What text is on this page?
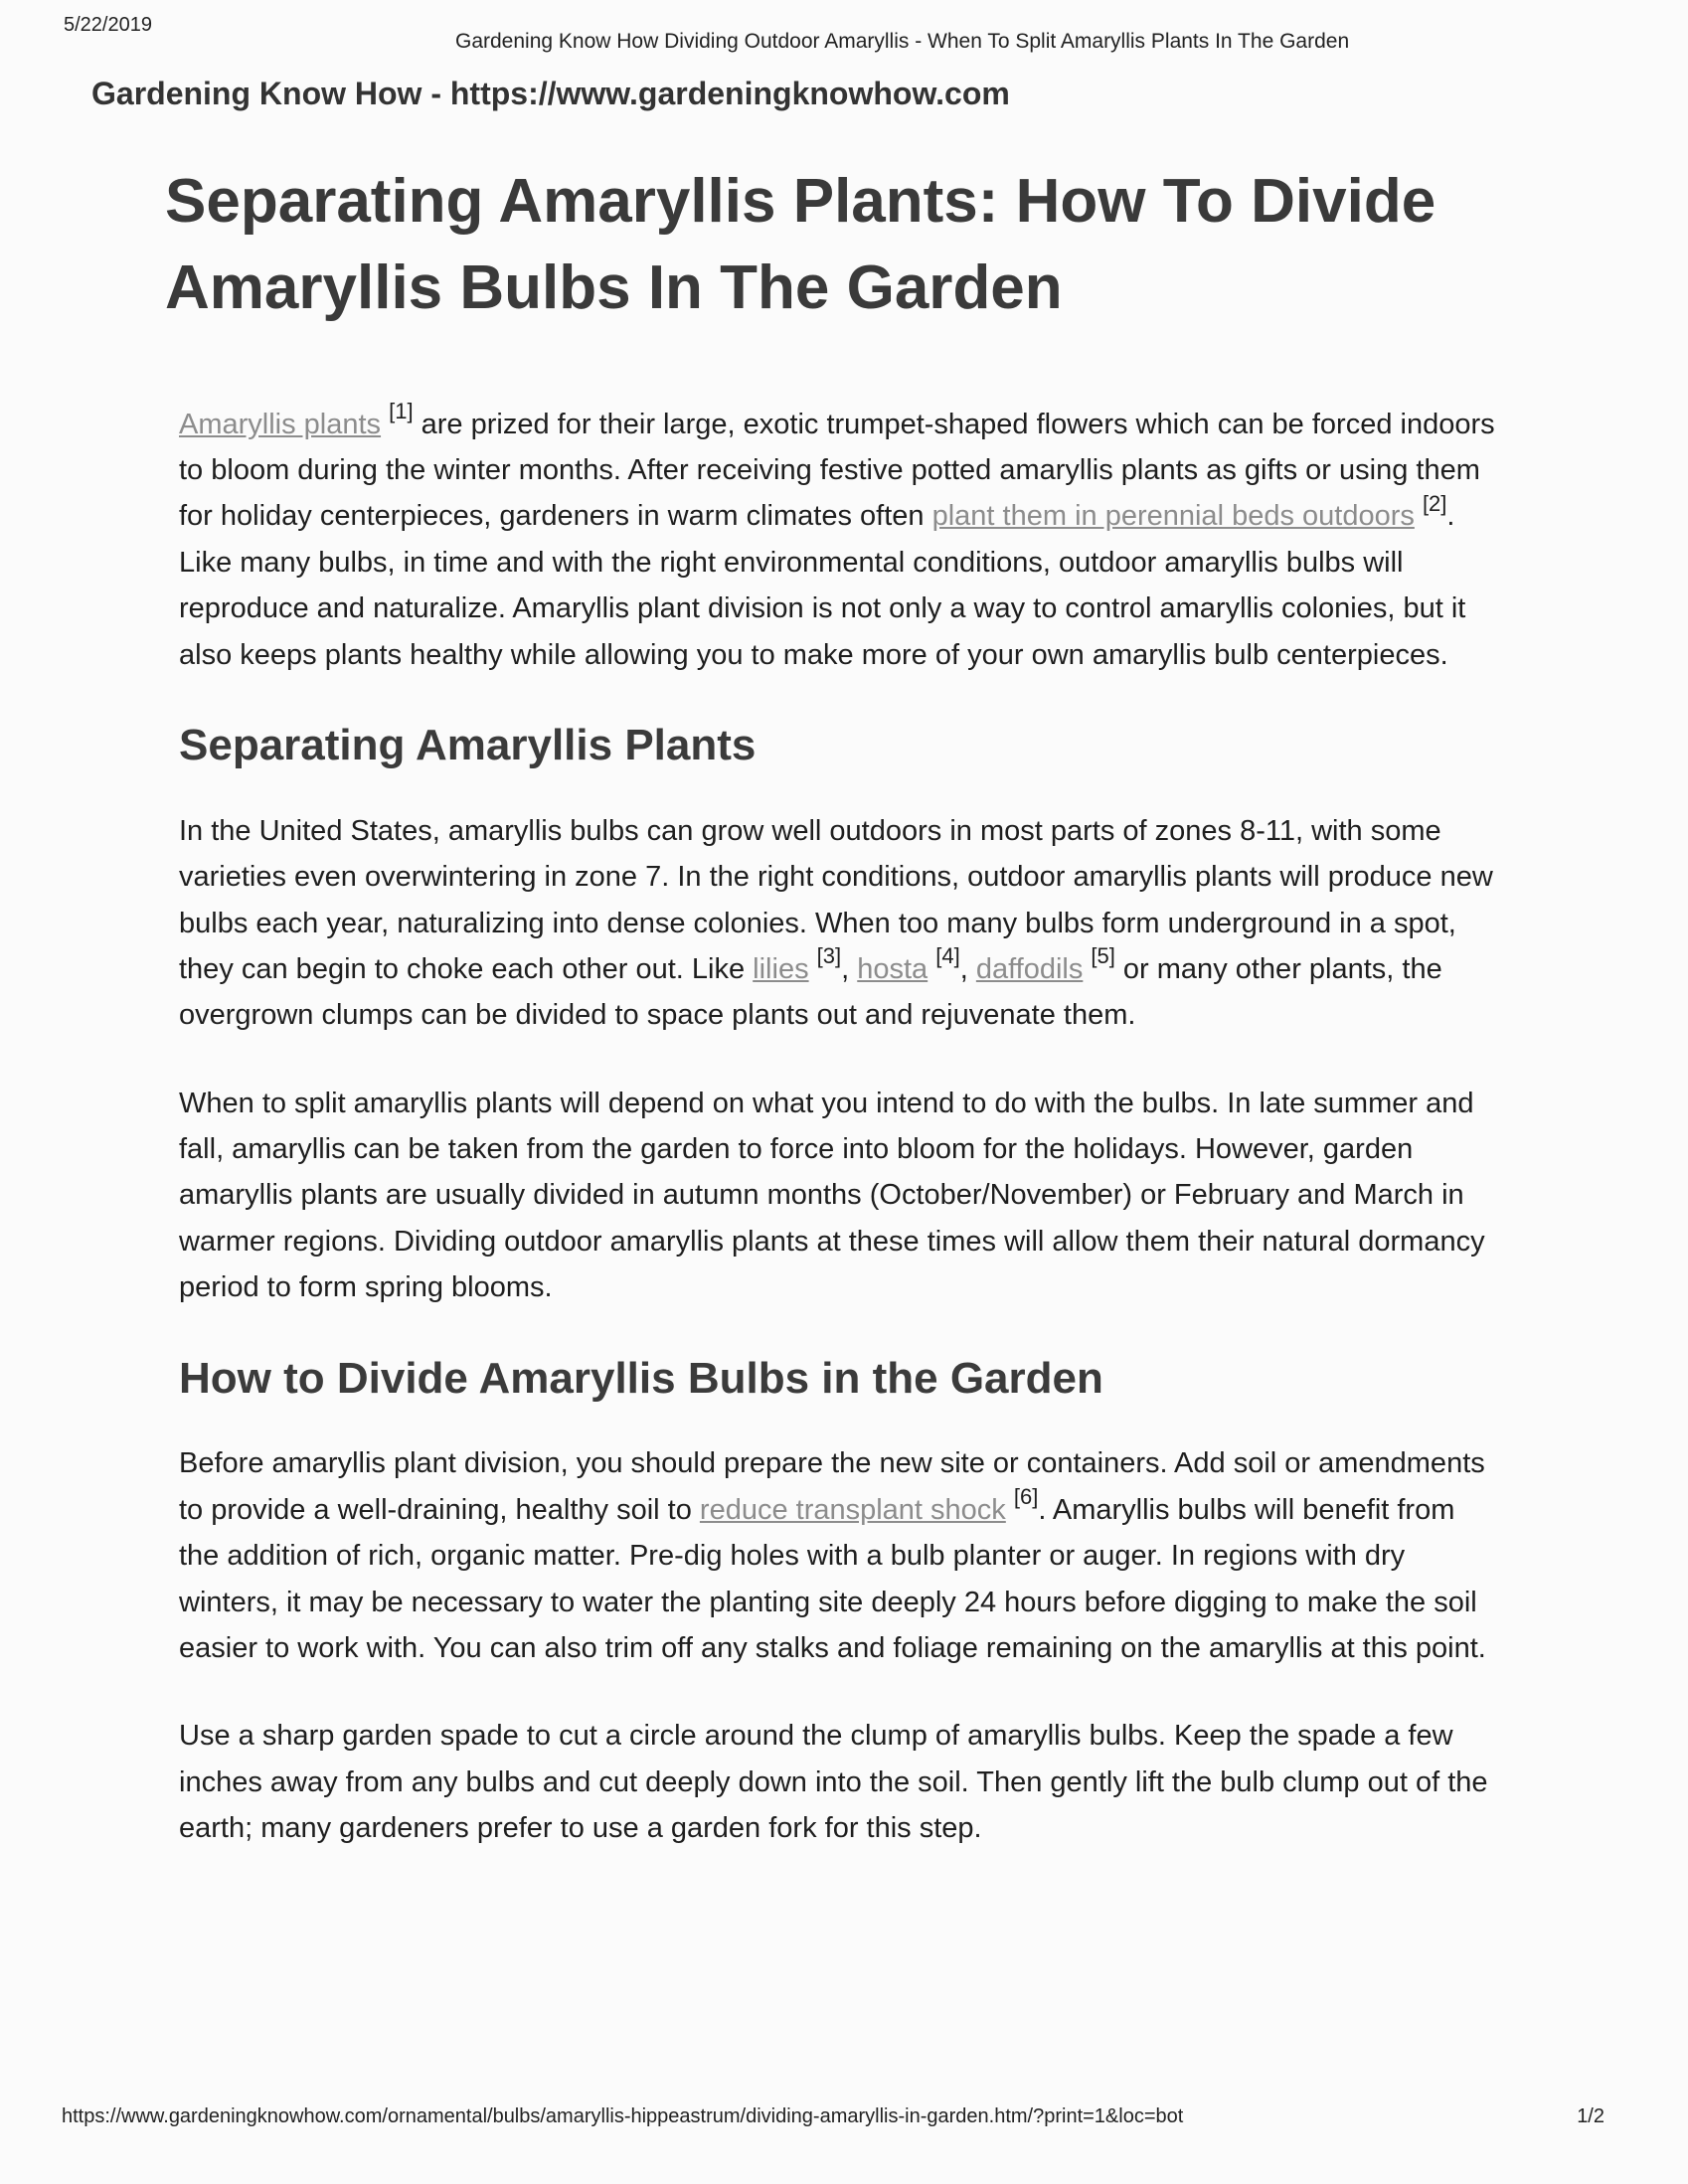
5/22/2019
Gardening Know How Dividing Outdoor Amaryllis - When To Split Amaryllis Plants In The Garden
Gardening Know How - https://www.gardeningknowhow.com
Separating Amaryllis Plants: How To Divide Amaryllis Bulbs In The Garden

Amaryllis plants [1] are prized for their large, exotic trumpet-shaped flowers which can be forced indoors to bloom during the winter months. After receiving festive potted amaryllis plants as gifts or using them for holiday centerpieces, gardeners in warm climates often plant them in perennial beds outdoors [2]. Like many bulbs, in time and with the right environmental conditions, outdoor amaryllis bulbs will reproduce and naturalize. Amaryllis plant division is not only a way to control amaryllis colonies, but it also keeps plants healthy while allowing you to make more of your own amaryllis bulb centerpieces.

Separating Amaryllis Plants

In the United States, amaryllis bulbs can grow well outdoors in most parts of zones 8-11, with some varieties even overwintering in zone 7. In the right conditions, outdoor amaryllis plants will produce new bulbs each year, naturalizing into dense colonies. When too many bulbs form underground in a spot, they can begin to choke each other out. Like lilies [3], hosta [4], daffodils [5] or many other plants, the overgrown clumps can be divided to space plants out and rejuvenate them.

When to split amaryllis plants will depend on what you intend to do with the bulbs. In late summer and fall, amaryllis can be taken from the garden to force into bloom for the holidays. However, garden amaryllis plants are usually divided in autumn months (October/November) or February and March in warmer regions. Dividing outdoor amaryllis plants at these times will allow them their natural dormancy period to form spring blooms.

How to Divide Amaryllis Bulbs in the Garden

Before amaryllis plant division, you should prepare the new site or containers. Add soil or amendments to provide a well-draining, healthy soil to reduce transplant shock [6]. Amaryllis bulbs will benefit from the addition of rich, organic matter. Pre-dig holes with a bulb planter or auger. In regions with dry winters, it may be necessary to water the planting site deeply 24 hours before digging to make the soil easier to work with. You can also trim off any stalks and foliage remaining on the amaryllis at this point.

Use a sharp garden spade to cut a circle around the clump of amaryllis bulbs. Keep the spade a few inches away from any bulbs and cut deeply down into the soil. Then gently lift the bulb clump out of the earth; many gardeners prefer to use a garden fork for this step.

https://www.gardeningknowhow.com/ornamental/bulbs/amaryllis-hippeastrum/dividing-amaryllis-in-garden.htm/?print=1&loc=bot	1/2
